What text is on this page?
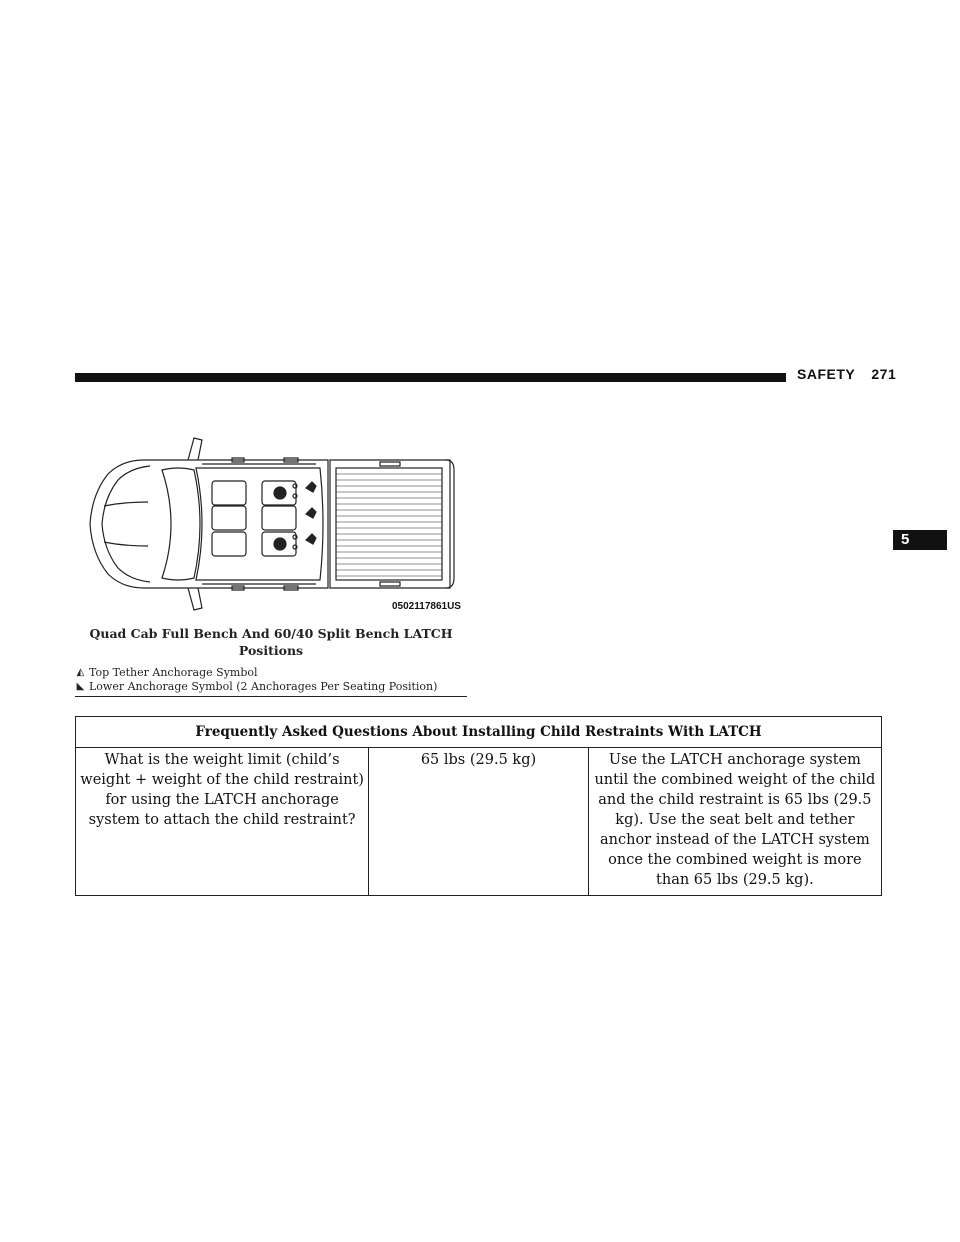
SAFETY 271
5
0502117861US
Quad Cab Full Bench And 60/40 Split Bench LATCH Positions
◭ Top Tether Anchorage Symbol
◣ Lower Anchorage Symbol (2 Anchorages Per Seating Position)
Frequently Asked Questions About Installing Child Restraints With LATCH
What is the weight limit (child’s weight + weight of the child restraint) for using the LATCH anchorage system to attach the child restraint?	65 lbs (29.5 kg)	Use the LATCH anchorage system until the combined weight of the child and the child restraint is 65 lbs (29.5 kg). Use the seat belt and tether anchor instead of the LATCH system once the combined weight is more than 65 lbs (29.5 kg).
